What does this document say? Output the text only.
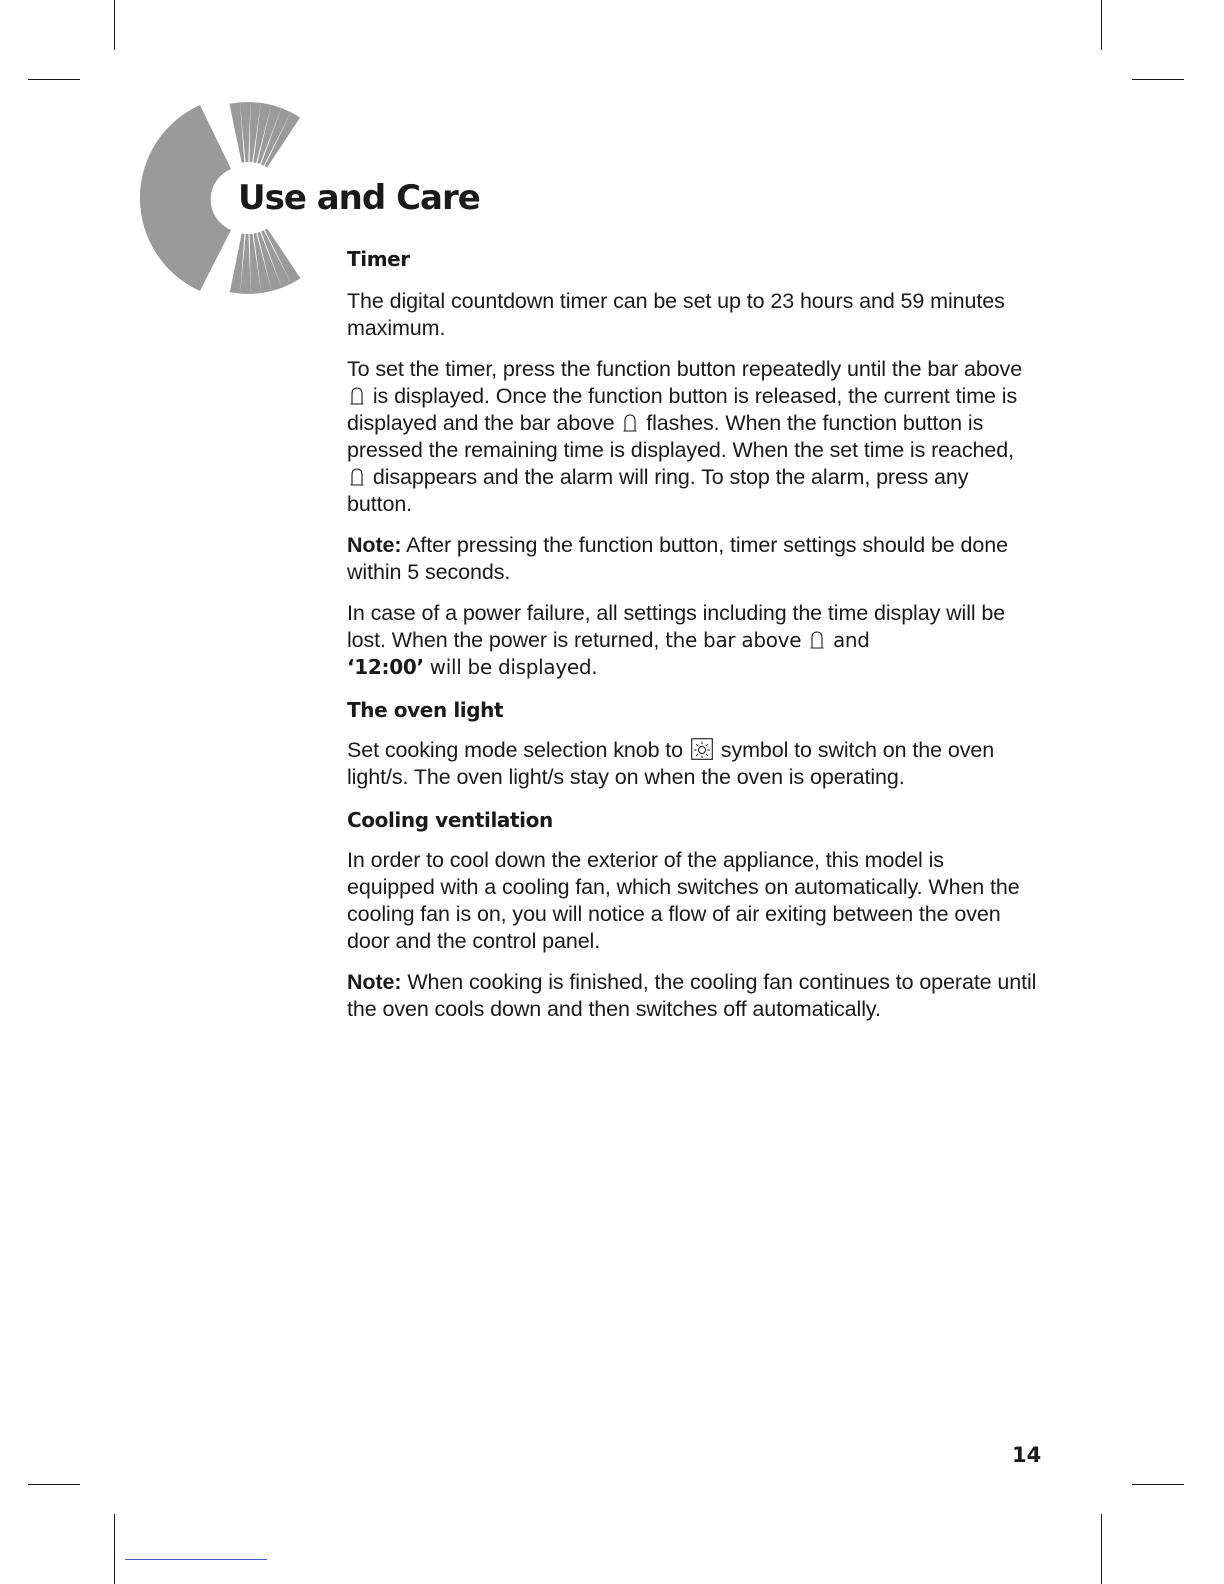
Use and Care
Timer

The digital countdown timer can be set up to 23 hours and 59 minutes maximum.

To set the timer, press the function button repeatedly until the bar above  is displayed. Once the function button is released, the current time is displayed and the bar above flashes. When the function button is pressed the remaining time is displayed. When the set time is reached,  disappears and the alarm will ring. To stop the alarm, press any button.

Note: After pressing the function button, timer settings should be done within 5 seconds.

In case of a power failure, all settings including the time display will be lost. When the power is returned, the bar above and
‘12:00’ will be displayed.

The oven light

Set cooking mode selection knob to symbol to switch on the oven light/s. The oven light/s stay on when the oven is operating.

Cooling ventilation

In order to cool down the exterior of the appliance, this model is equipped with a cooling fan, which switches on automatically. When the cooling fan is on, you will notice a flow of air exiting between the oven door and the control panel.

Note: When cooking is finished, the cooling fan continues to operate until the oven cools down and then switches off automatically.

14
